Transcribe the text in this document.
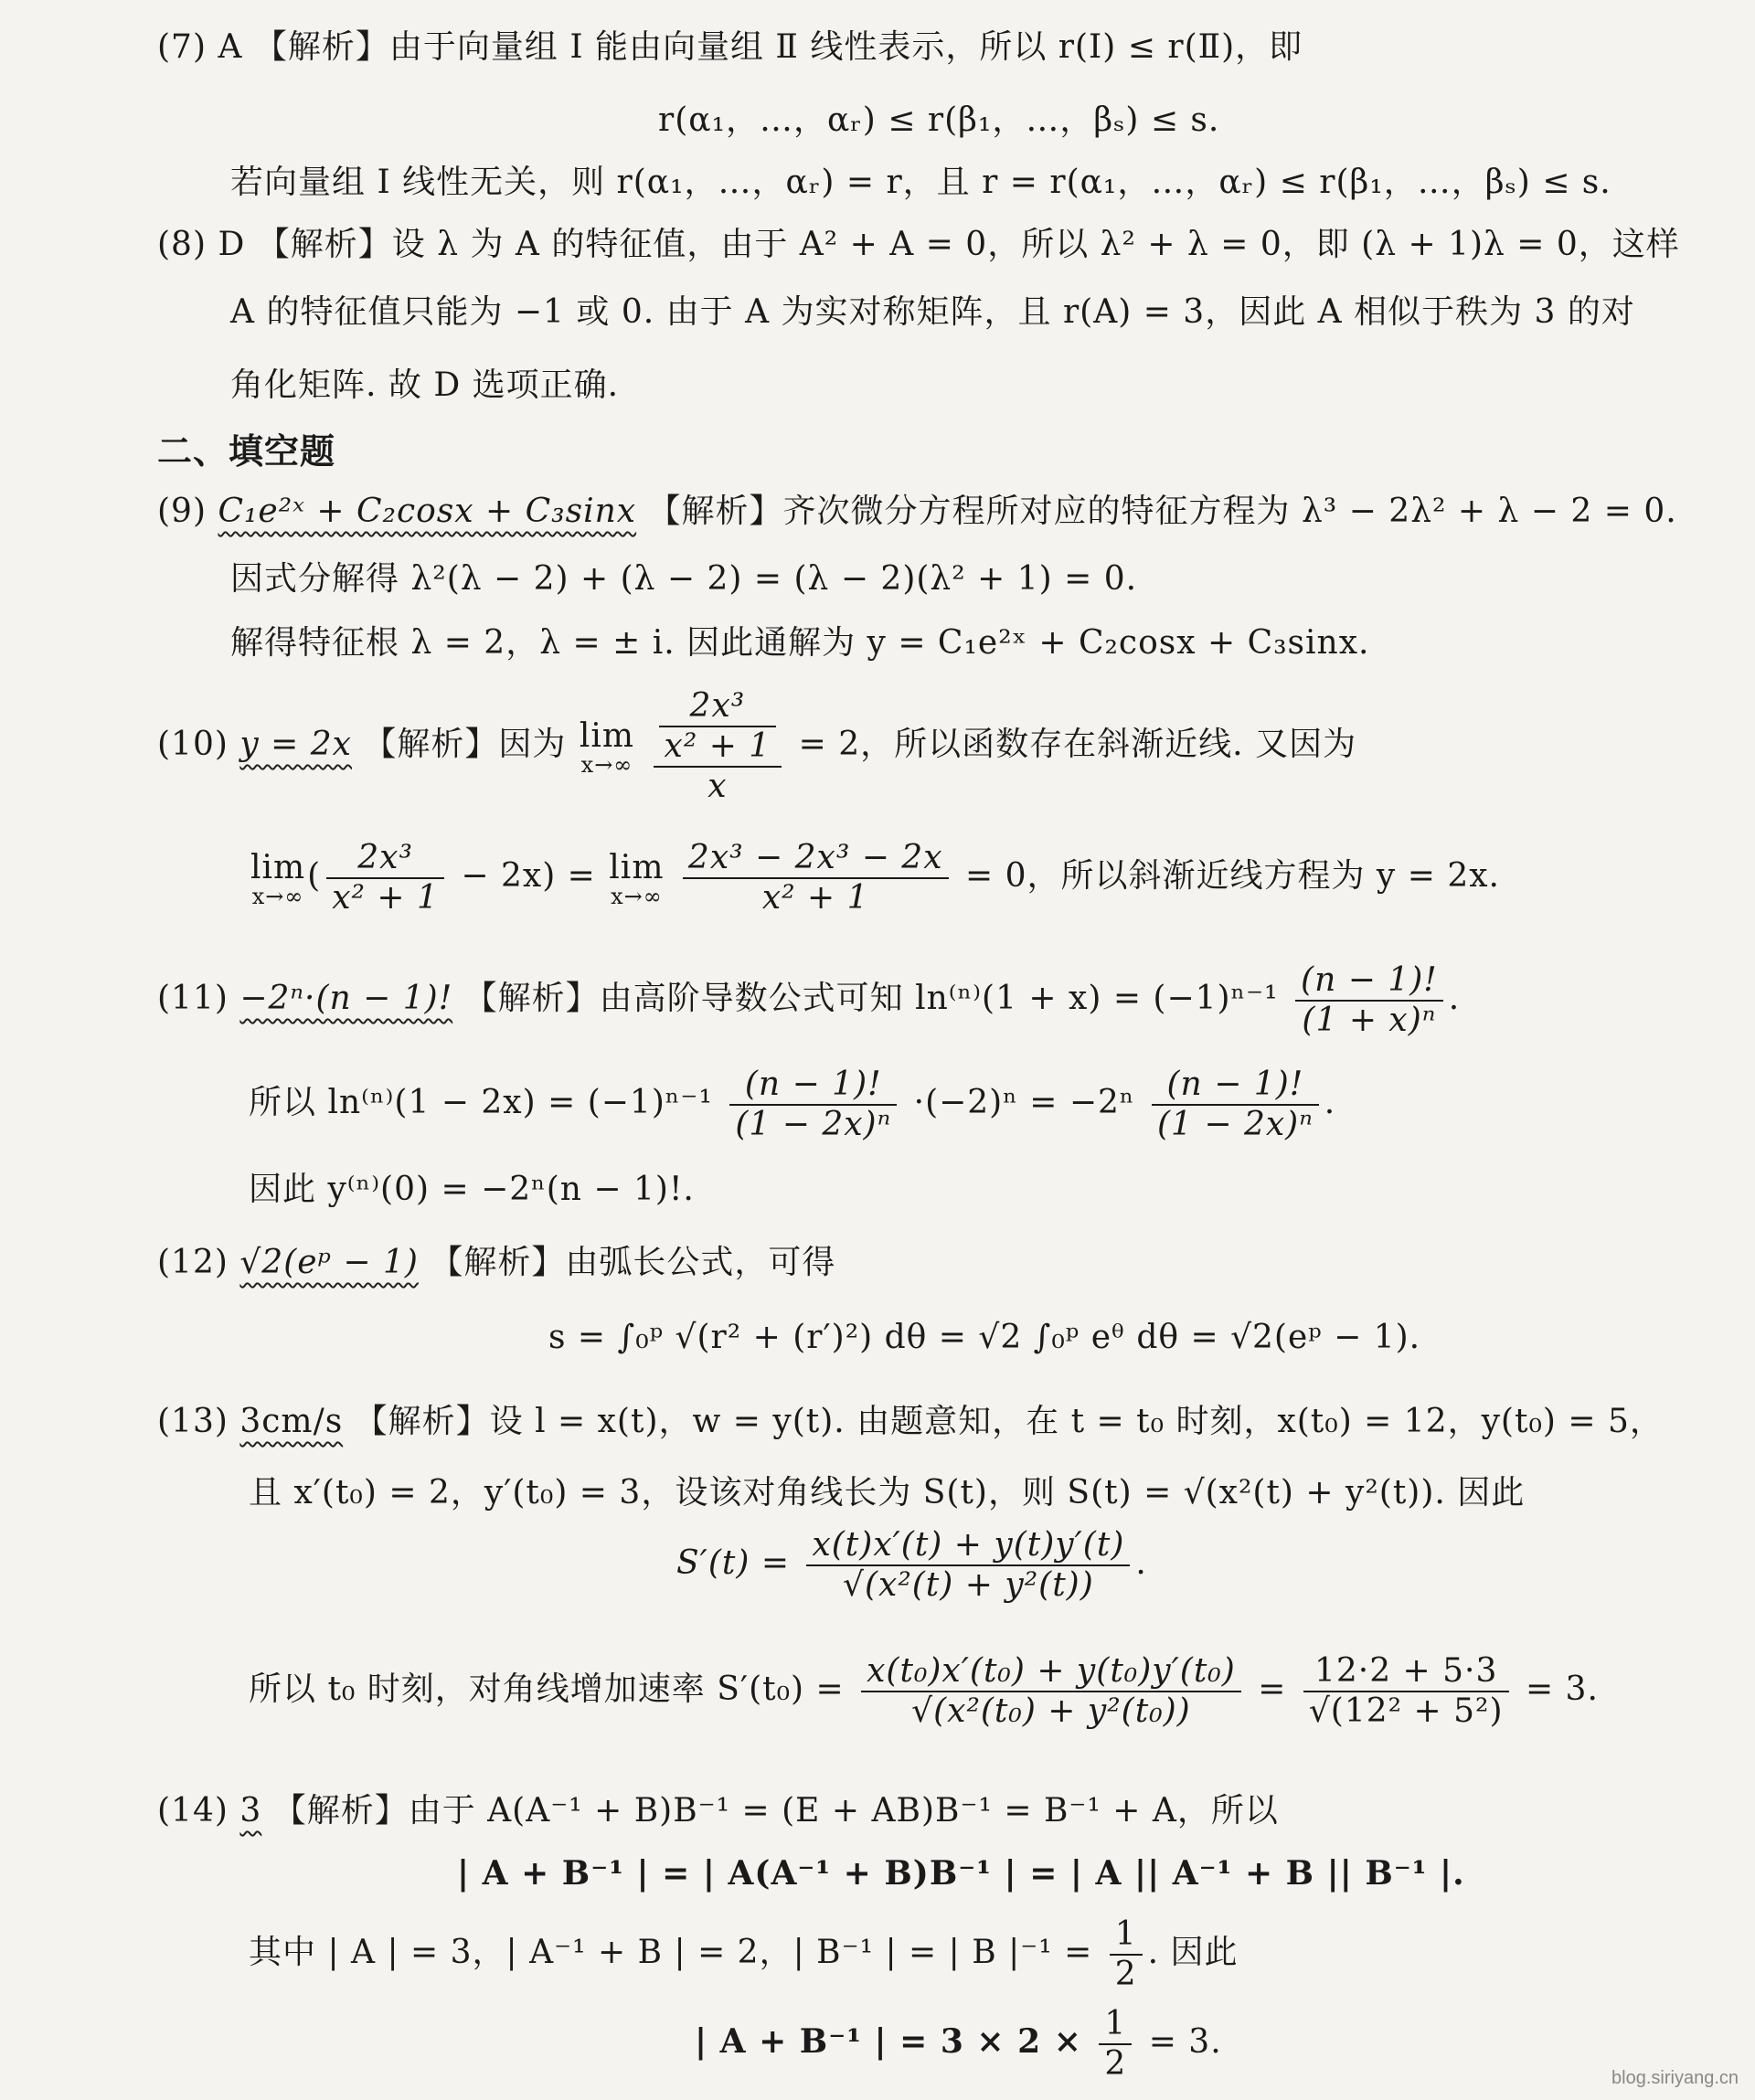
(7) A 【解析】由于向量组 Ⅰ 能由向量组 Ⅱ 线性表示，所以 r(Ⅰ) ≤ r(Ⅱ)，即
r(α₁，…，αᵣ) ≤ r(β₁，…，βₛ) ≤ s.
若向量组 Ⅰ 线性无关，则 r(α₁，…，αᵣ) = r，且 r = r(α₁，…，αᵣ) ≤ r(β₁，…，βₛ) ≤ s.
(8) D 【解析】设 λ 为 A 的特征值，由于 A² + A = 0，所以 λ² + λ = 0，即 (λ + 1)λ = 0，这样
A 的特征值只能为 −1 或 0. 由于 A 为实对称矩阵，且 r(A) = 3，因此 A 相似于秩为 3 的对
角化矩阵. 故 D 选项正确.
二、填空题
(9) C₁e²ˣ + C₂cosx + C₃sinx 【解析】齐次微分方程所对应的特征方程为 λ³ − 2λ² + λ − 2 = 0.
因式分解得 λ²(λ − 2) + (λ − 2) = (λ − 2)(λ² + 1) = 0.
解得特征根 λ = 2，λ = ± i. 因此通解为 y = C₁e²ˣ + C₂cosx + C₃sinx.
(10) y = 2x 【解析】因为 lim
x→∞
$\frac{\frac{\text{2x³}}{\text{x² + 1}}}{x} = 2$，所以函数存在斜渐近线. 又因为
lim
x→∞
( $\frac{\text{2x³}}{\text{x² + 1}} - 2x) = \lim$
x→∞
$\frac{\text{2x³ − 2x³ − 2x}}{\text{x² + 1}} = 0$，所以斜渐近线方程为 y = 2x.
(11) −2ⁿ·(n − 1)! 【解析】由高阶导数公式可知 $\ln^{(n)}(1 + x) = (-1)^{n-1} \frac{(n - 1)!}{\text{(1 + x)ⁿ}}$ .
所以 $\ln^{(n)}(1 - 2x) = (-1)^{n-1} \frac{(n - 1)!}{\text{(1 − 2x)ⁿ}} \cdot(-2)^n = -2^n \frac{(n - 1)!}{\text{(1 − 2x)ⁿ}}$ .
因此 y⁽ⁿ⁾(0) = −2ⁿ(n − 1)!.
(12) √2(eᵖ − 1) 【解析】由弧长公式，可得
s = ∫₀ᵖ √(r² + (r′)²) dθ = √2 ∫₀ᵖ eᶿ dθ = √2(eᵖ − 1).
(13) 3cm/s 【解析】设 l = x(t)，w = y(t). 由题意知，在 t = t₀ 时刻，x(t₀) = 12，y(t₀) = 5，
且 x′(t₀) = 2，y′(t₀) = 3，设该对角线长为 S(t)，则 S(t) = √(x²(t) + y²(t)). 因此
$S'(t) = \frac{x(t)x'(t) + y(t)y'(t)}{\text{√(x²(t) + y²(t))}}$ .
所以 t₀ 时刻，对角线增加速率 $S'(t_0) = \frac{\text{x(t₀)x′(t₀) + y(t₀)y′(t₀)}}{\text{√(x²(t₀) + y²(t₀))}} = \frac{12\cdot 2 + 5\cdot 3}{\text{√(12² + 5²)}} = 3$.
(14) 3 【解析】由于 A(A⁻¹ + B)B⁻¹ = (E + AB)B⁻¹ = B⁻¹ + A，所以
| A + B⁻¹ | = | A(A⁻¹ + B)B⁻¹ | = | A || A⁻¹ + B || B⁻¹ |.
其中 | A | = 3，| A⁻¹ + B | = 2，| B⁻¹ | = | B $|^{-1} = \frac{1}{2}$ . 因此
| A + B⁻¹ | = $3 \times 2 \times \frac{1}{2} = 3$.
blog.siriyang.cn
